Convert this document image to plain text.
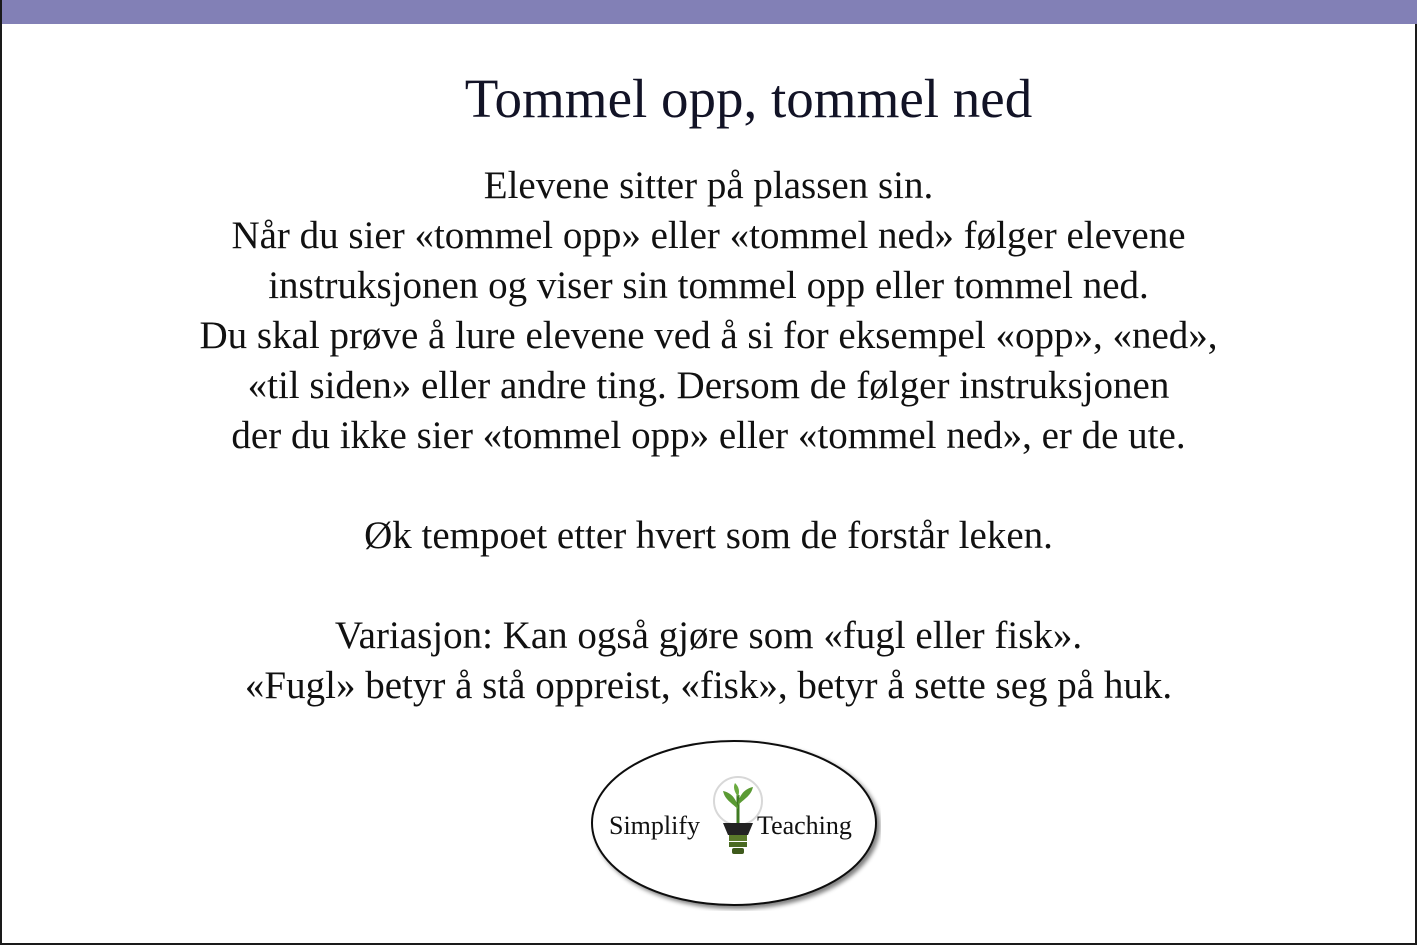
Tommel opp, tommel ned
Elevene sitter på plassen sin.
Når du sier «tommel opp» eller «tommel ned» følger elevene
instruksjonen og viser sin tommel opp eller tommel ned.
Du skal prøve å lure elevene ved å si for eksempel «opp», «ned»,
«til siden» eller andre ting. Dersom de følger instruksjonen
der du ikke sier «tommel opp» eller «tommel ned», er de ute.
Øk tempoet etter hvert som de forstår leken.
Variasjon: Kan også gjøre som «fugl eller fisk».
«Fugl» betyr å stå oppreist, «fisk», betyr å sette seg på huk.
Simplify Teaching
